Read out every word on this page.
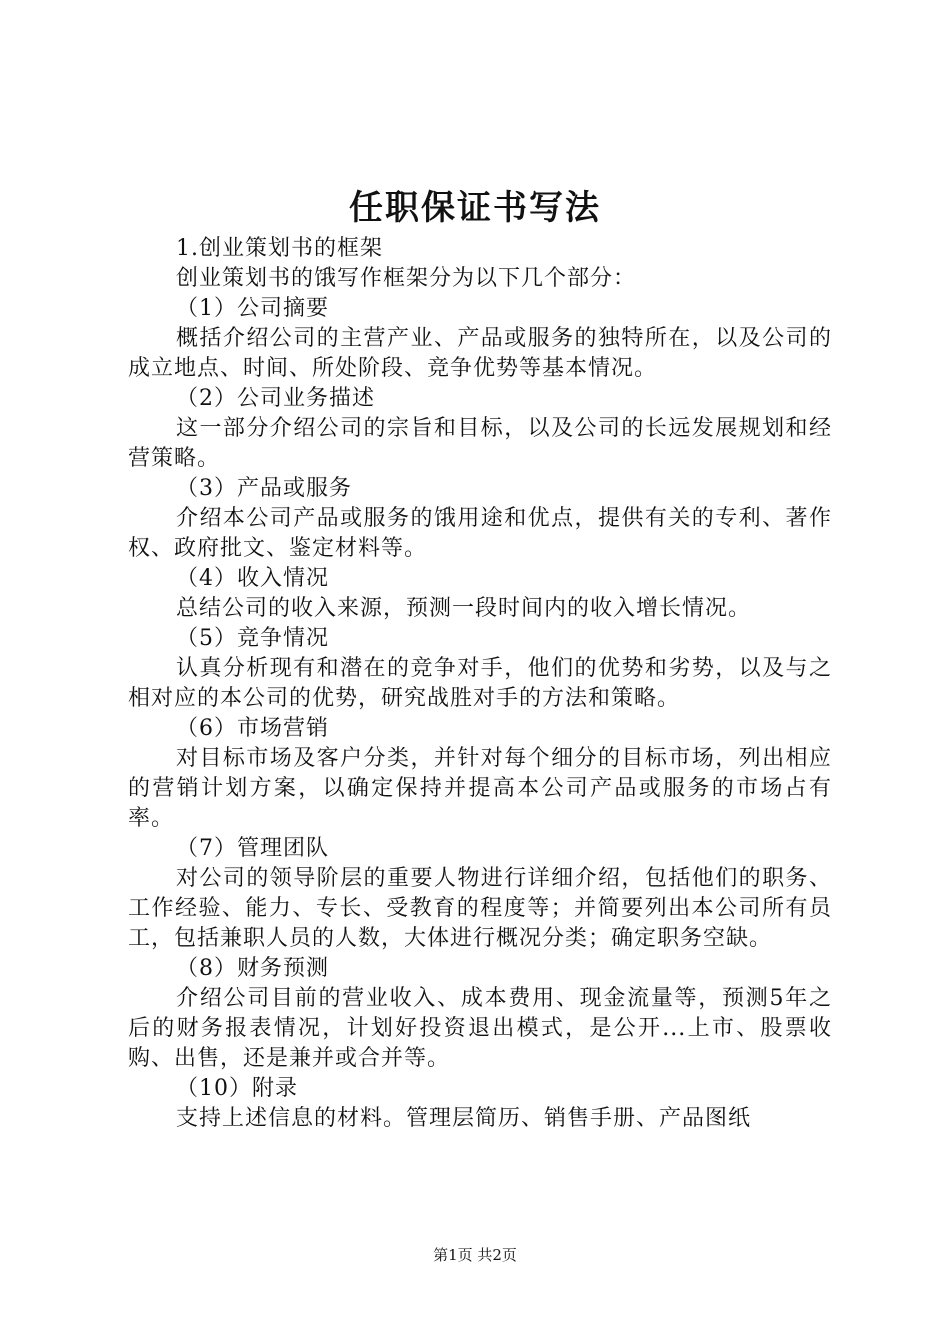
任职保证书写法

1.创业策划书的框架

创业策划书的饿写作框架分为以下几个部分：

（1）公司摘要

概括介绍公司的主营产业、产品或服务的独特所在，以及公司的成立地点、时间、所处阶段、竞争优势等基本情况。

（2）公司业务描述

这一部分介绍公司的宗旨和目标，以及公司的长远发展规划和经营策略。

（3）产品或服务

介绍本公司产品或服务的饿用途和优点，提供有关的专利、著作权、政府批文、鉴定材料等。

（4）收入情况

总结公司的收入来源，预测一段时间内的收入增长情况。

（5）竞争情况

认真分析现有和潜在的竞争对手，他们的优势和劣势，以及与之相对应的本公司的优势，研究战胜对手的方法和策略。

（6）市场营销

对目标市场及客户分类，并针对每个细分的目标市场，列出相应的营销计划方案，以确定保持并提高本公司产品或服务的市场占有率。

（7）管理团队

对公司的领导阶层的重要人物进行详细介绍，包括他们的职务、工作经验、能力、专长、受教育的程度等；并简要列出本公司所有员工，包括兼职人员的人数，大体进行概况分类；确定职务空缺。

（8）财务预测

介绍公司目前的营业收入、成本费用、现金流量等，预测5年之后的财务报表情况，计划好投资退出模式，是公开...上市、股票收购、出售，还是兼并或合并等。

（10）附录

支持上述信息的材料。管理层简历、销售手册、产品图纸

第1页 共2页
